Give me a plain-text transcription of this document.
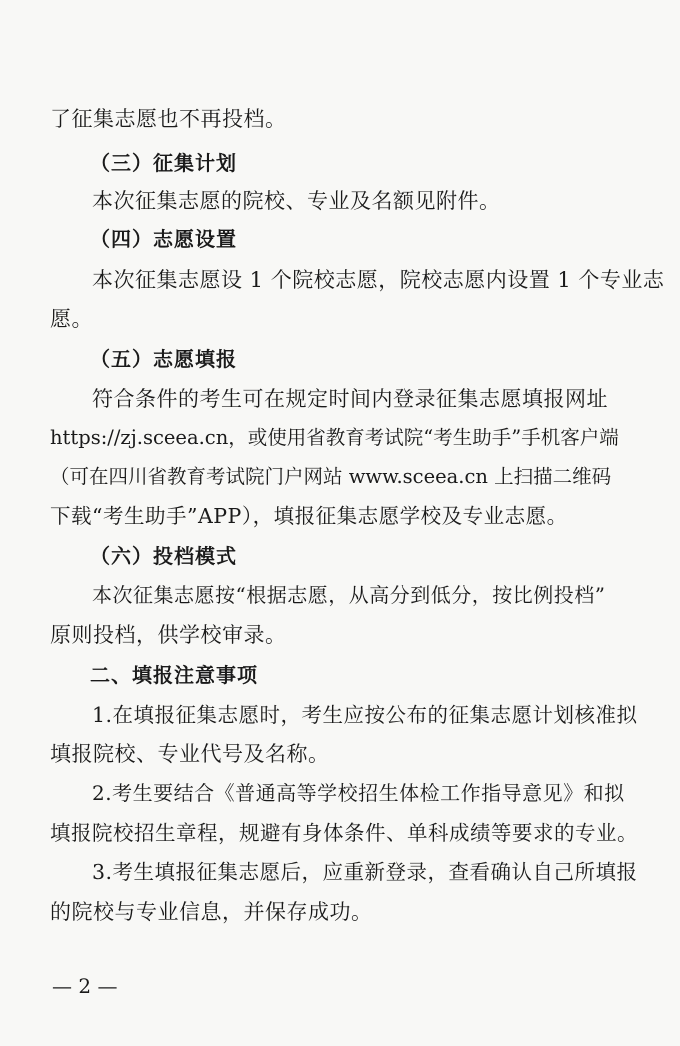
了征集志愿也不再投档。
（三）征集计划
本次征集志愿的院校、专业及名额见附件。
（四）志愿设置
本次征集志愿设 1 个院校志愿，院校志愿内设置 1 个专业志
愿。
（五）志愿填报
符合条件的考生可在规定时间内登录征集志愿填报网址
https://zj.sceea.cn，或使用省教育考试院“考生助手”手机客户端
（可在四川省教育考试院门户网站 www.sceea.cn 上扫描二维码
下载“考生助手”APP），填报征集志愿学校及专业志愿。
（六）投档模式
本次征集志愿按“根据志愿，从高分到低分，按比例投档”
原则投档，供学校审录。
二、填报注意事项
1.在填报征集志愿时，考生应按公布的征集志愿计划核准拟
填报院校、专业代号及名称。
2.考生要结合《普通高等学校招生体检工作指导意见》和拟
填报院校招生章程，规避有身体条件、单科成绩等要求的专业。
3.考生填报征集志愿后，应重新登录，查看确认自己所填报
的院校与专业信息，并保存成功。
— 2 —
